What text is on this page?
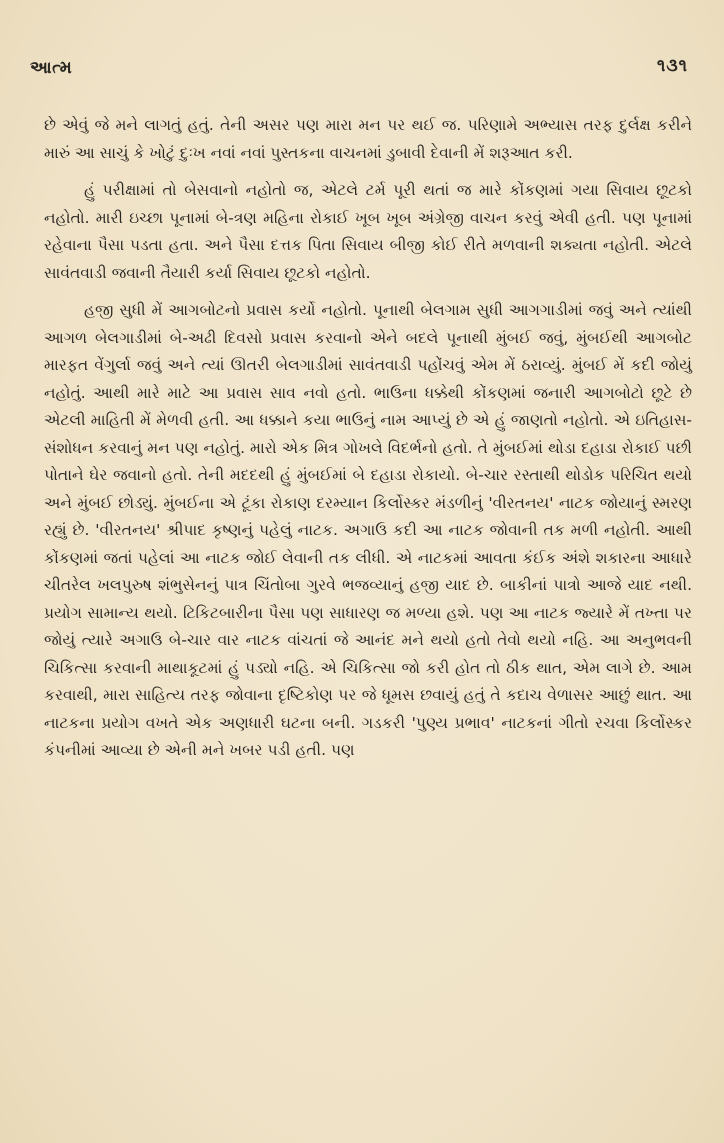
આત્મ	૧૩૧

છે એવું જે મને લાગતું હતું. તેની અસર પણ મારા મન પર થઈ જ. પરિણામે અભ્યાસ તરફ દુર્લક્ષ કરીને મારું આ સાચું કે ખોટું દુઃખ નવાં નવાં પુસ્તકના વાચનમાં ડુબાવી દેવાની મેં શરૂઆત કરી.

હું પરીક્ષામાં તો બેસવાનો નહોતો જ, એટલે ટર્મ પૂરી થતાં જ મારે કોંકણમાં ગયા સિવાય છૂટકો નહોતો. મારી ઇચ્છા પૂનામાં બે-ત્રણ મહિના રોકાઈ ખૂબ ખૂબ અંગ્રેજી વાચન કરવું એવી હતી. પણ પૂનામાં રહેવાના પૈસા પડતા હતા. અને પૈસા દત્તક પિતા સિવાય બીજી કોઈ રીતે મળવાની શક્યતા નહોતી. એટલે સાવંતવાડી જવાની તૈયારી કર્યા સિવાય છૂટકો નહોતો.

હજી સુધી મેં આગબોટનો પ્રવાસ કર્યો નહોતો. પૂનાથી બેલગામ સુધી આગગાડીમાં જવું અને ત્યાંથી આગળ બેલગાડીમાં બે-અઢી દિવસો પ્રવાસ કરવાનો એને બદલે પૂનાથી મુંબઈ જવું, મુંબઈથી આગબોટ મારફત વેંગુર્લા જવું અને ત્યાં ઊતરી બેલગાડીમાં સાવંતવાડી પહોંચવું એમ મેં ઠરાવ્યું. મુંબઈ મેં કદી જોયું નહોતું. આથી મારે માટે આ પ્રવાસ સાવ નવો હતો. ભાઉના ધક્કેથી કોંકણમાં જનારી આગબોટો છૂટે છે એટલી માહિતી મેં મેળવી હતી. આ ધક્કાને કયા ભાઉનું નામ આપ્યું છે એ હું જાણતો નહોતો. એ ઇતિહાસ-સંશોધન કરવાનું મન પણ નહોતું. મારો એક મિત્ર ગોખલે વિદર્ભનો હતો. તે મુંબઈમાં થોડા દહાડા રોકાઈ પછી પોતાને ઘેર જવાનો હતો. તેની મદદથી હું મુંબઈમાં બે દહાડા રોકાયો. બે-ચાર રસ્તાથી થોડોક પરિચિત થયો અને મુંબઈ છોડ્યું. મુંબઈના એ ટૂંકા રોકાણ દરમ્યાન કિર્લોસ્કર મંડળીનું 'વીરતનય' નાટક જોયાનું સ્મરણ રહ્યું છે. 'વીરતનય' શ્રીપાદ કૃષ્ણનું પહેલું નાટક. અગાઉ કદી આ નાટક જોવાની તક મળી નહોતી. આથી કોંકણમાં જતાં પહેલાં આ નાટક જોઈ લેવાની તક લીધી. એ નાટકમાં આવતા કંઈક અંશે શકારના આધારે ચીતરેલ ખલપુરુષ શંભુસેનનું પાત્ર ચિંતોબા ગુરવે ભજવ્યાનું હજી યાદ છે. બાકીનાં પાત્રો આજે યાદ નથી. પ્રયોગ સામાન્ય થયો. ટિકિટબારીના પૈસા પણ સાધારણ જ મળ્યા હશે. પણ આ નાટક જ્યારે મેં તખ્તા પર જોયું ત્યારે અગાઉ બે-ચાર વાર નાટક વાંચતાં જે આનંદ મને થયો હતો તેવો થયો નહિ. આ અનુભવની ચિકિત્સા કરવાની માથાકૂટમાં હું પડ્યો નહિ. એ ચિકિત્સા જો કરી હોત તો ઠીક થાત, એમ લાગે છે. આમ કરવાથી, મારા સાહિત્ય તરફ જોવાના દૃષ્ટિકોણ પર જે ધૂમસ છવાયું હતું તે કદાચ વેળાસર આછું થાત. આ નાટકના પ્રયોગ વખતે એક અણધારી ઘટના બની. ગડકરી 'પુણ્ય પ્રભાવ' નાટકનાં ગીતો રચવા કિર્લોસ્કર કંપનીમાં આવ્યા છે એની મને ખબર પડી હતી. પણ
